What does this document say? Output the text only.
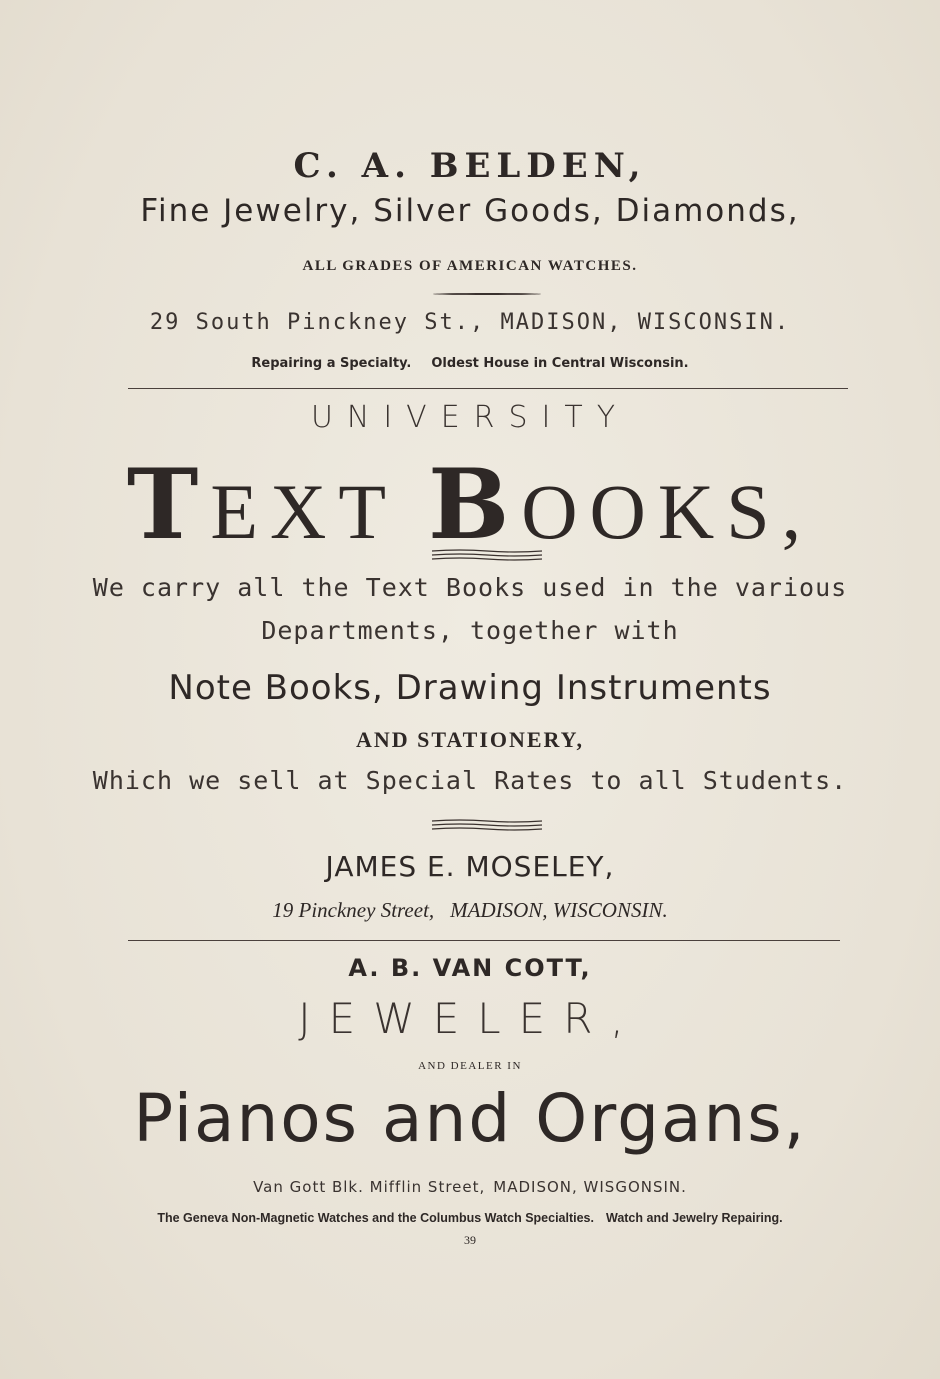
C. A. BELDEN,
Fine Jewelry, Silver Goods, Diamonds,
ALL GRADES OF AMERICAN WATCHES.
29 South Pinckney St., MADISON, WISCONSIN.
Repairing a Specialty. Oldest House in Central Wisconsin.
UNIVERSITY
TEXT BOOKS,
We carry all the Text Books used in the various
Departments, together with
Note Books, Drawing Instruments
AND STATIONERY,
Which we sell at Special Rates to all Students.
JAMES E. MOSELEY,
19 Pinckney Street, MADISON, WISCONSIN.
A. B. VAN COTT,
JEWELER,
AND DEALER IN
Pianos and Organs,
Van Gott Blk. Mifflin Street, MADISON, WISGONSIN.
The Geneva Non-Magnetic Watches and the Columbus Watch Specialties. Watch and Jewelry Repairing.
39
